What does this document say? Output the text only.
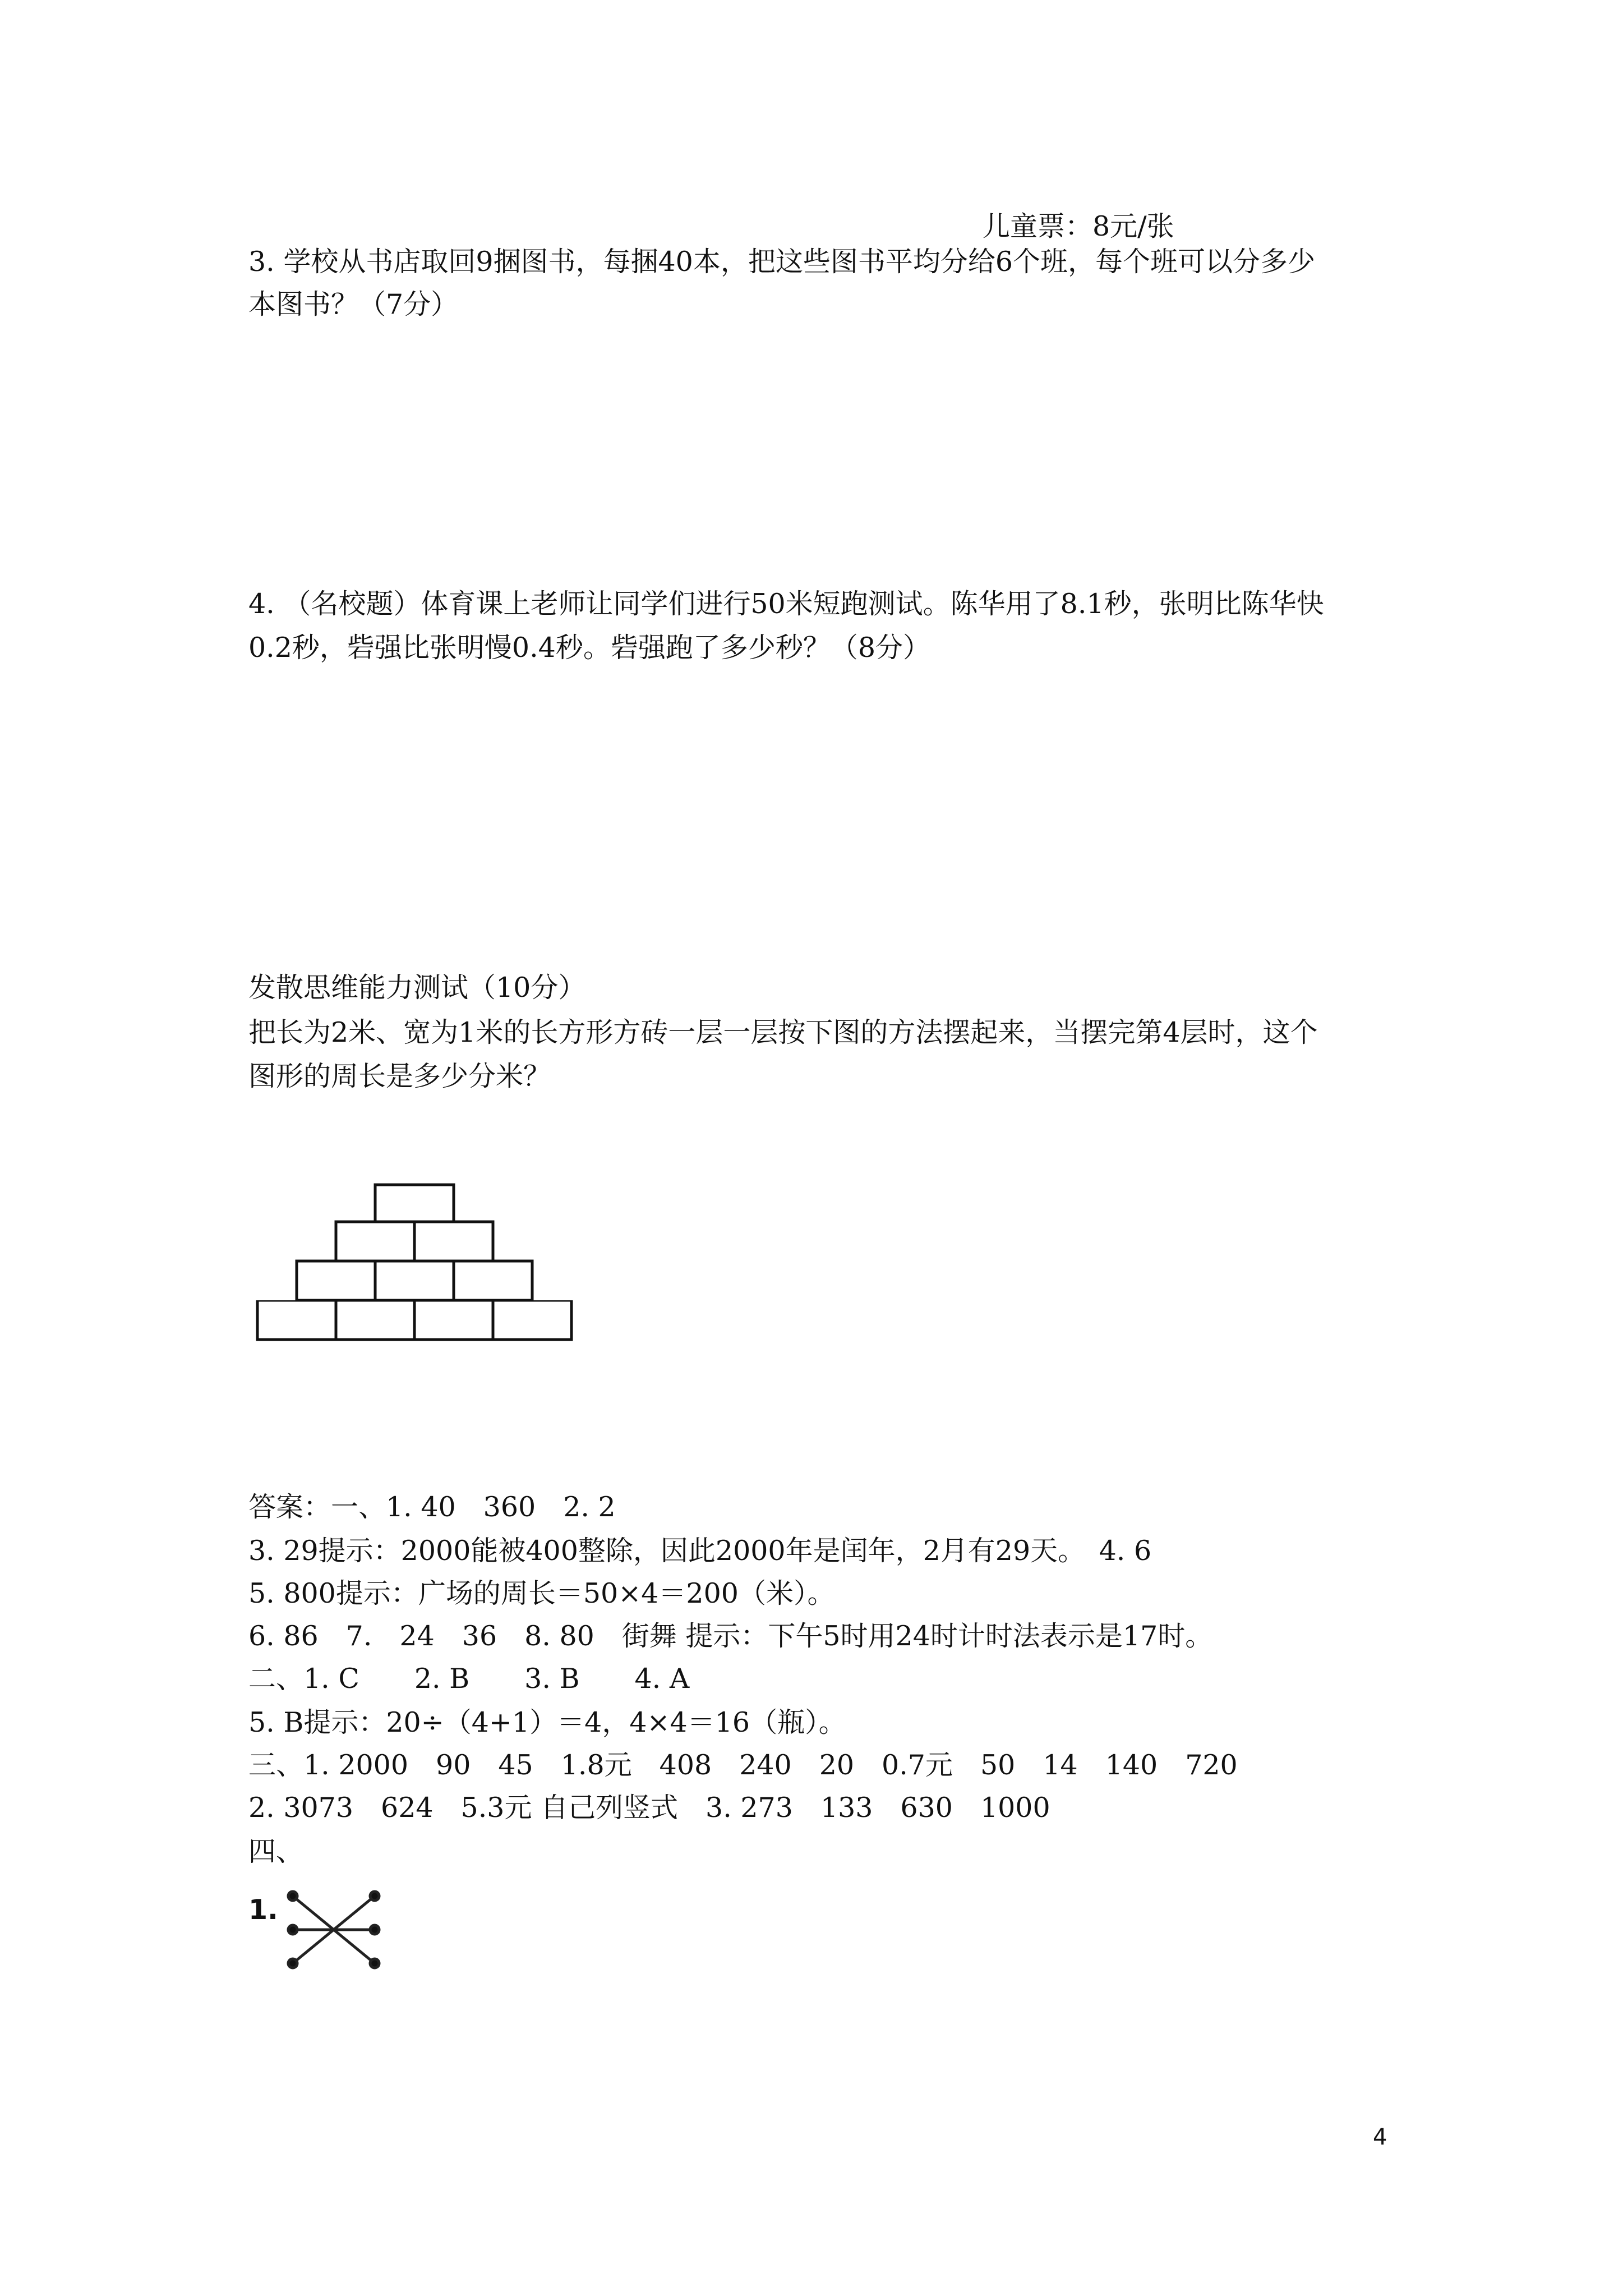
儿童票：8元/张
3. 学校从书店取回9捆图书，每捆40本，把这些图书平均分给6个班，每个班可以分多少
本图书？（7分）
4. （名校题）体育课上老师让同学们进行50米短跑测试。陈华用了8.1秒，张明比陈华快
0.2秒，砦强比张明慢0.4秒。砦强跑了多少秒？（8分）
发散思维能力测试（10分）
把长为2米、宽为1米的长方形方砖一层一层按下图的方法摆起来，当摆完第4层时，这个
图形的周长是多少分米？
答案：一、1. 40　360　2. 2
3. 29提示：2000能被400整除，因此2000年是闰年，2月有29天。　4. 6
5. 800提示：广场的周长＝50×4＝200（米）。
6. 86　7.　24　36　8. 80　街舞 提示：下午5时用24时计时法表示是17时。
二、1. C　　2. B　　3. B　　4. A
5. B提示：20÷（4+1）＝4，4×4＝16（瓶）。
三、1. 2000　90　45　1.8元　408　240　20　0.7元　50　14　140　720
2. 3073　624　5.3元 自己列竖式　3. 273　133　630　1000
四、
1.
4
